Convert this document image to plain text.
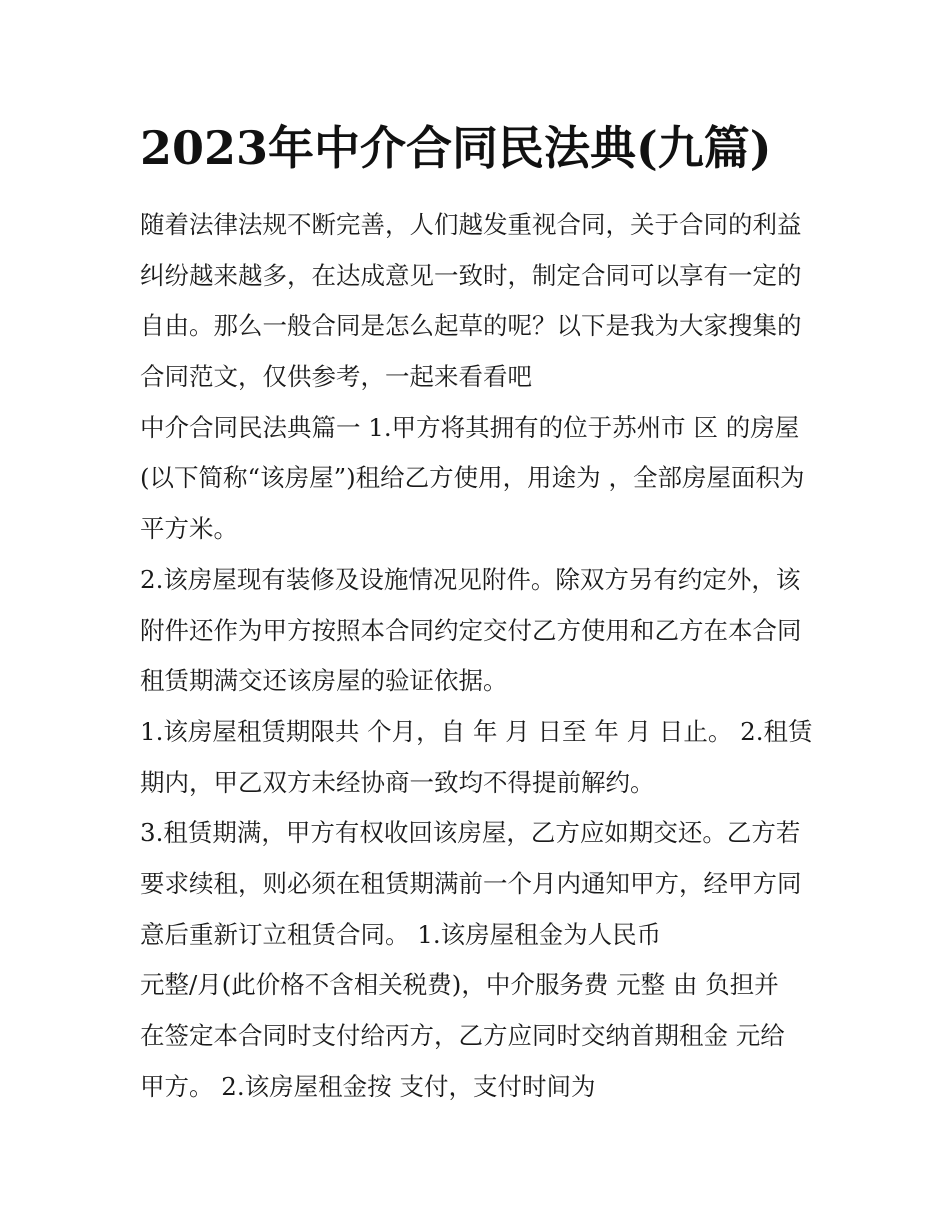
2023年中介合同民法典(九篇)
随着法律法规不断完善，人们越发重视合同，关于合同的利益
纠纷越来越多，在达成意见一致时，制定合同可以享有一定的
自由。那么一般合同是怎么起草的呢？以下是我为大家搜集的
合同范文，仅供参考，一起来看看吧
中介合同民法典篇一 1.甲方将其拥有的位于苏州市 区 的房屋
(以下简称“该房屋”)租给乙方使用，用途为 ，全部房屋面积为
平方米。
2.该房屋现有装修及设施情况见附件。除双方另有约定外，该
附件还作为甲方按照本合同约定交付乙方使用和乙方在本合同
租赁期满交还该房屋的验证依据。
1.该房屋租赁期限共 个月，自 年 月 日至 年 月 日止。 2.租赁
期内，甲乙双方未经协商一致均不得提前解约。
3.租赁期满，甲方有权收回该房屋，乙方应如期交还。乙方若
要求续租，则必须在租赁期满前一个月内通知甲方，经甲方同
意后重新订立租赁合同。 1.该房屋租金为人民币
元整/月(此价格不含相关税费)，中介服务费 元整 由 负担并
在签定本合同时支付给丙方，乙方应同时交纳首期租金 元给
甲方。 2.该房屋租金按 支付，支付时间为
